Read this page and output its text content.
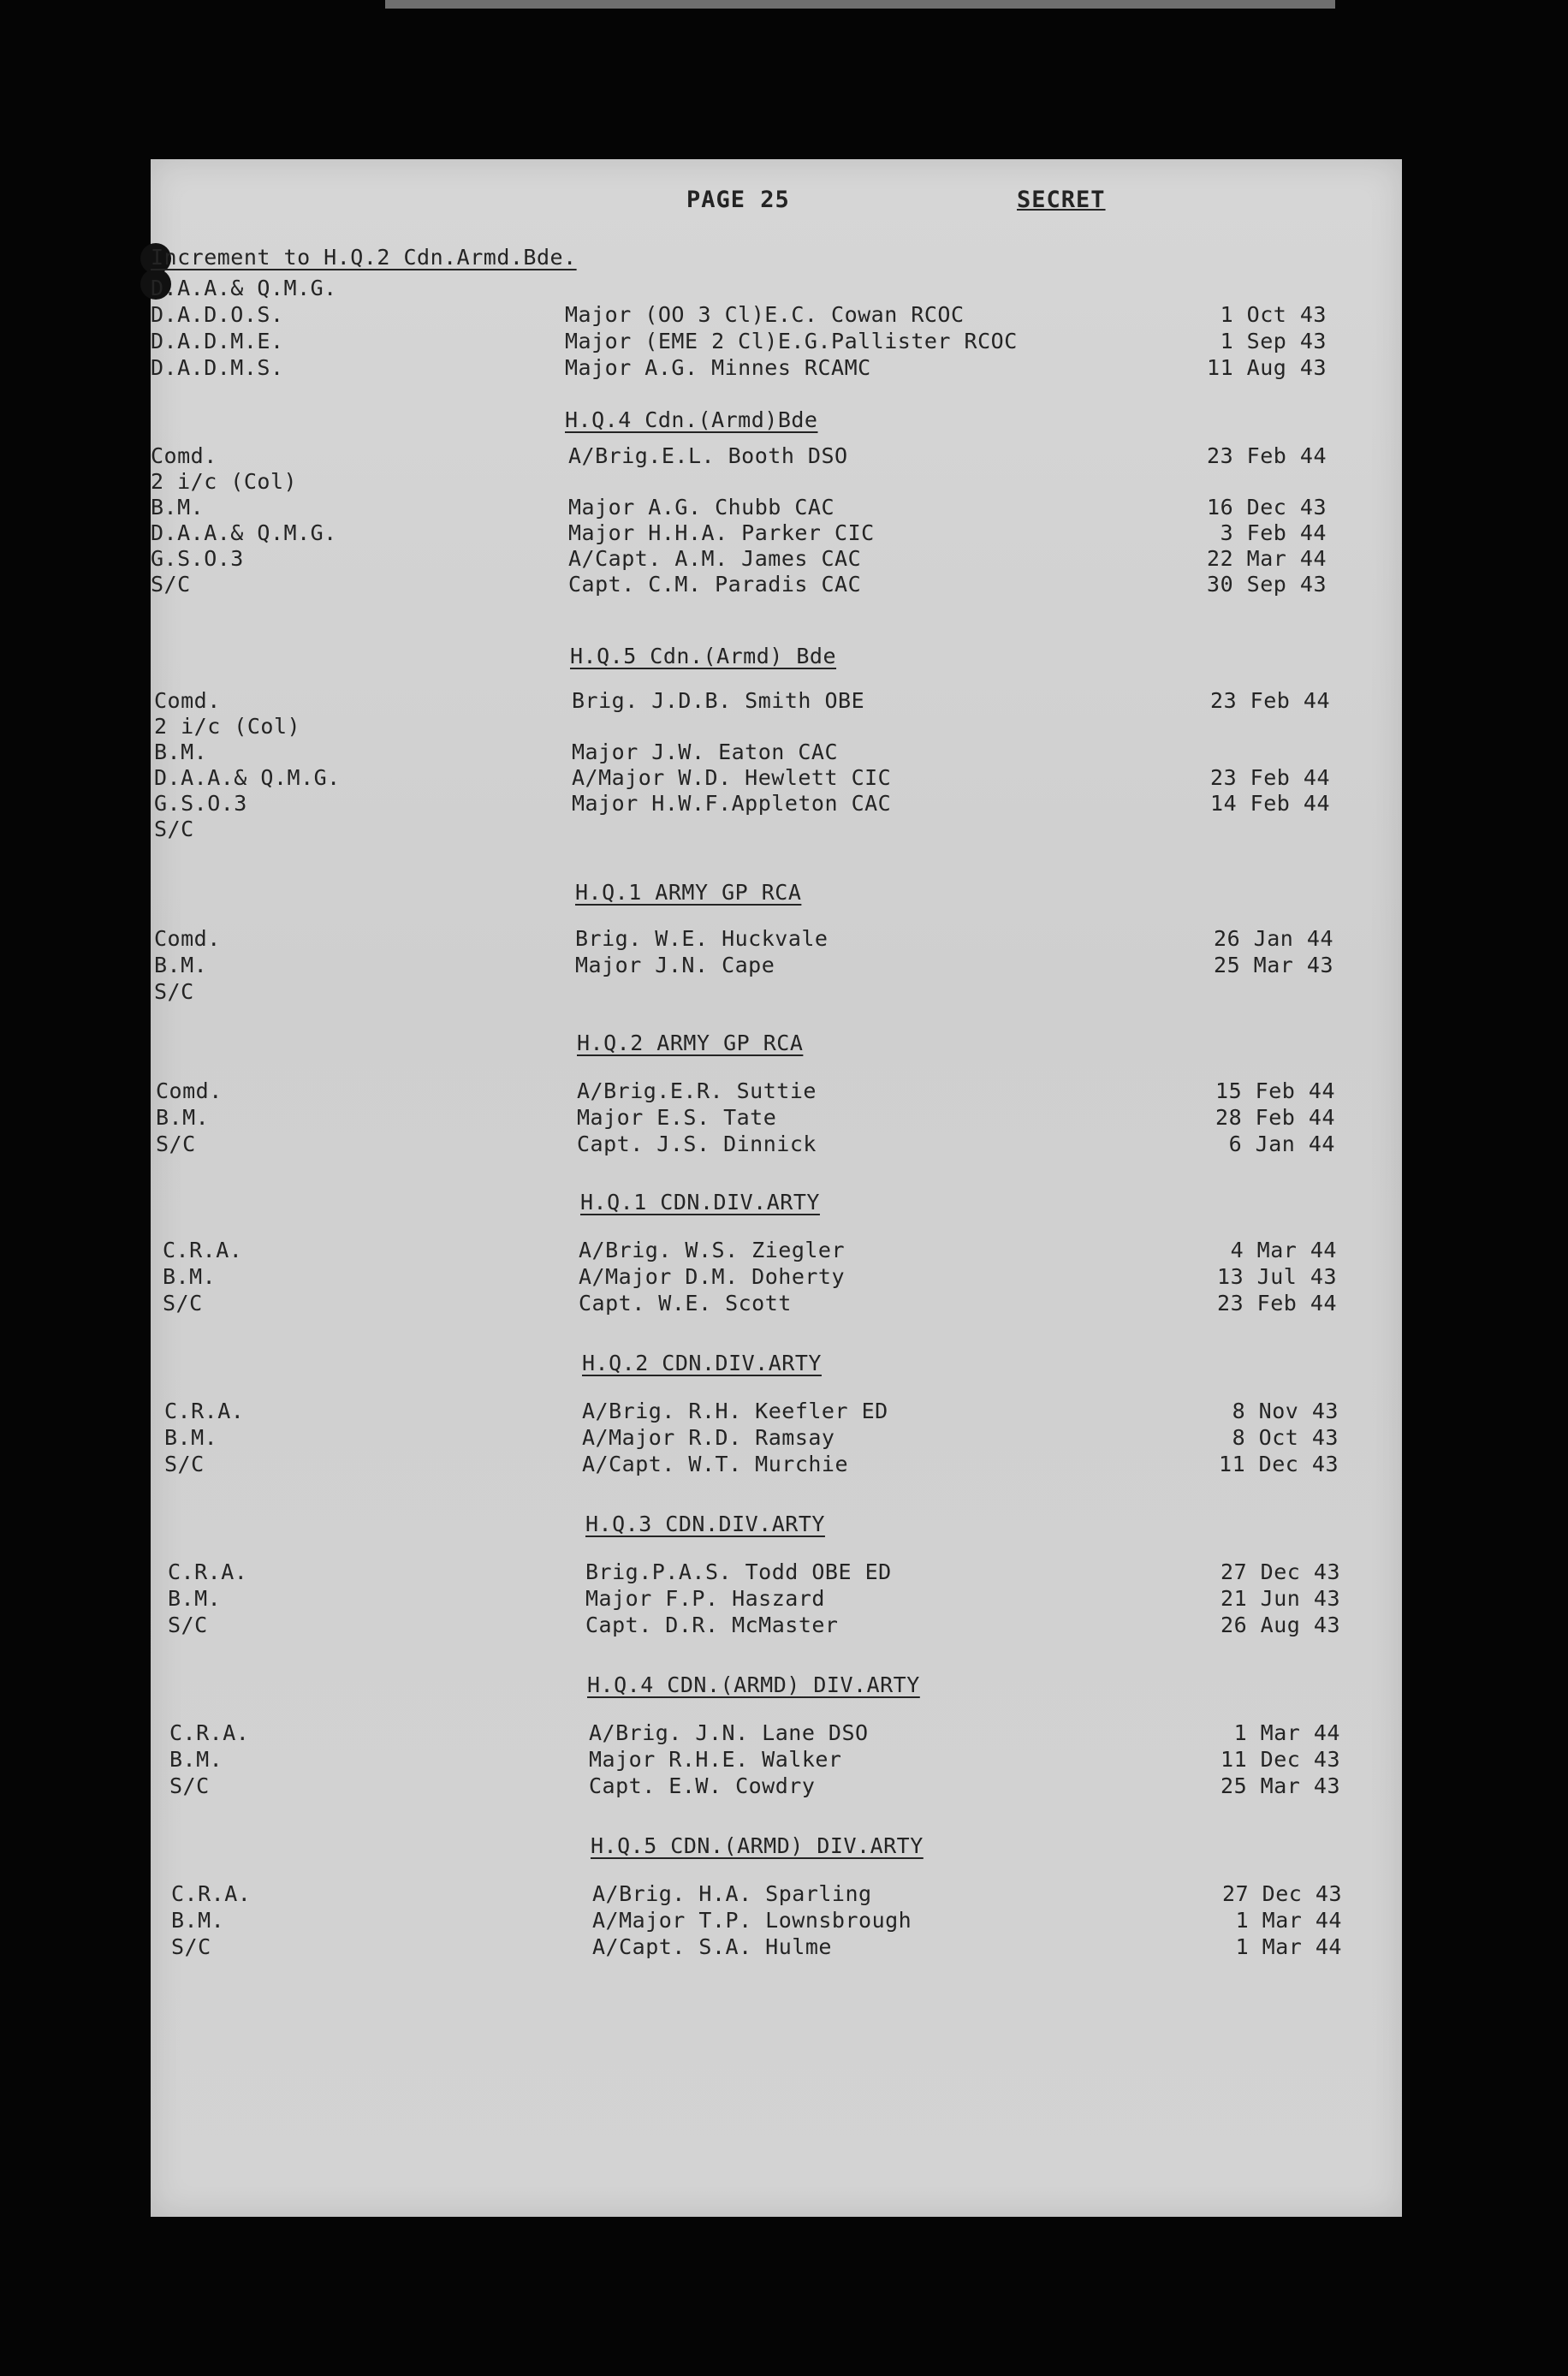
PAGE 25	SECRET
Increment to H.Q.2 Cdn.Armd.Bde.
D.A.A.& Q.M.G.
D.A.D.O.S.	Major (OO 3 Cl)E.C. Cowan RCOC	1 Oct 43
D.A.D.M.E.	Major (EME 2 Cl)E.G.Pallister RCOC	1 Sep 43
D.A.D.M.S.	Major A.G. Minnes RCAMC	11 Aug 43
H.Q.4 Cdn.(Armd)Bde
Comd.	A/Brig.E.L. Booth DSO	23 Feb 44
2 i/c (Col)
B.M.	Major A.G. Chubb CAC	16 Dec 43
D.A.A.& Q.M.G.	Major H.H.A. Parker CIC	3 Feb 44
G.S.O.3	A/Capt. A.M. James CAC	22 Mar 44
S/C	Capt. C.M. Paradis CAC	30 Sep 43
H.Q.5 Cdn.(Armd) Bde
Comd.	Brig. J.D.B. Smith OBE	23 Feb 44
2 i/c (Col)
B.M.	Major J.W. Eaton CAC
D.A.A.& Q.M.G.	A/Major W.D. Hewlett CIC	23 Feb 44
G.S.O.3	Major H.W.F.Appleton CAC	14 Feb 44
S/C
H.Q.1 ARMY GP RCA
Comd.	Brig. W.E. Huckvale	26 Jan 44
B.M.	Major J.N. Cape	25 Mar 43
S/C
H.Q.2 ARMY GP RCA
Comd.	A/Brig.E.R. Suttie	15 Feb 44
B.M.	Major E.S. Tate	28 Feb 44
S/C	Capt. J.S. Dinnick	6 Jan 44
H.Q.1 CDN.DIV.ARTY
C.R.A.	A/Brig. W.S. Ziegler	4 Mar 44
B.M.	A/Major D.M. Doherty	13 Jul 43
S/C	Capt. W.E. Scott	23 Feb 44
H.Q.2 CDN.DIV.ARTY
C.R.A.	A/Brig. R.H. Keefler ED	8 Nov 43
B.M.	A/Major R.D. Ramsay	8 Oct 43
S/C	A/Capt. W.T. Murchie	11 Dec 43
H.Q.3 CDN.DIV.ARTY
C.R.A.	Brig.P.A.S. Todd OBE ED	27 Dec 43
B.M.	Major F.P. Haszard	21 Jun 43
S/C	Capt. D.R. McMaster	26 Aug 43
H.Q.4 CDN.(ARMD) DIV.ARTY
C.R.A.	A/Brig. J.N. Lane DSO	1 Mar 44
B.M.	Major R.H.E. Walker	11 Dec 43
S/C	Capt. E.W. Cowdry	25 Mar 43
H.Q.5 CDN.(ARMD) DIV.ARTY
C.R.A.	A/Brig. H.A. Sparling	27 Dec 43
B.M.	A/Major T.P. Lownsbrough	1 Mar 44
S/C	A/Capt. S.A. Hulme	1 Mar 44
